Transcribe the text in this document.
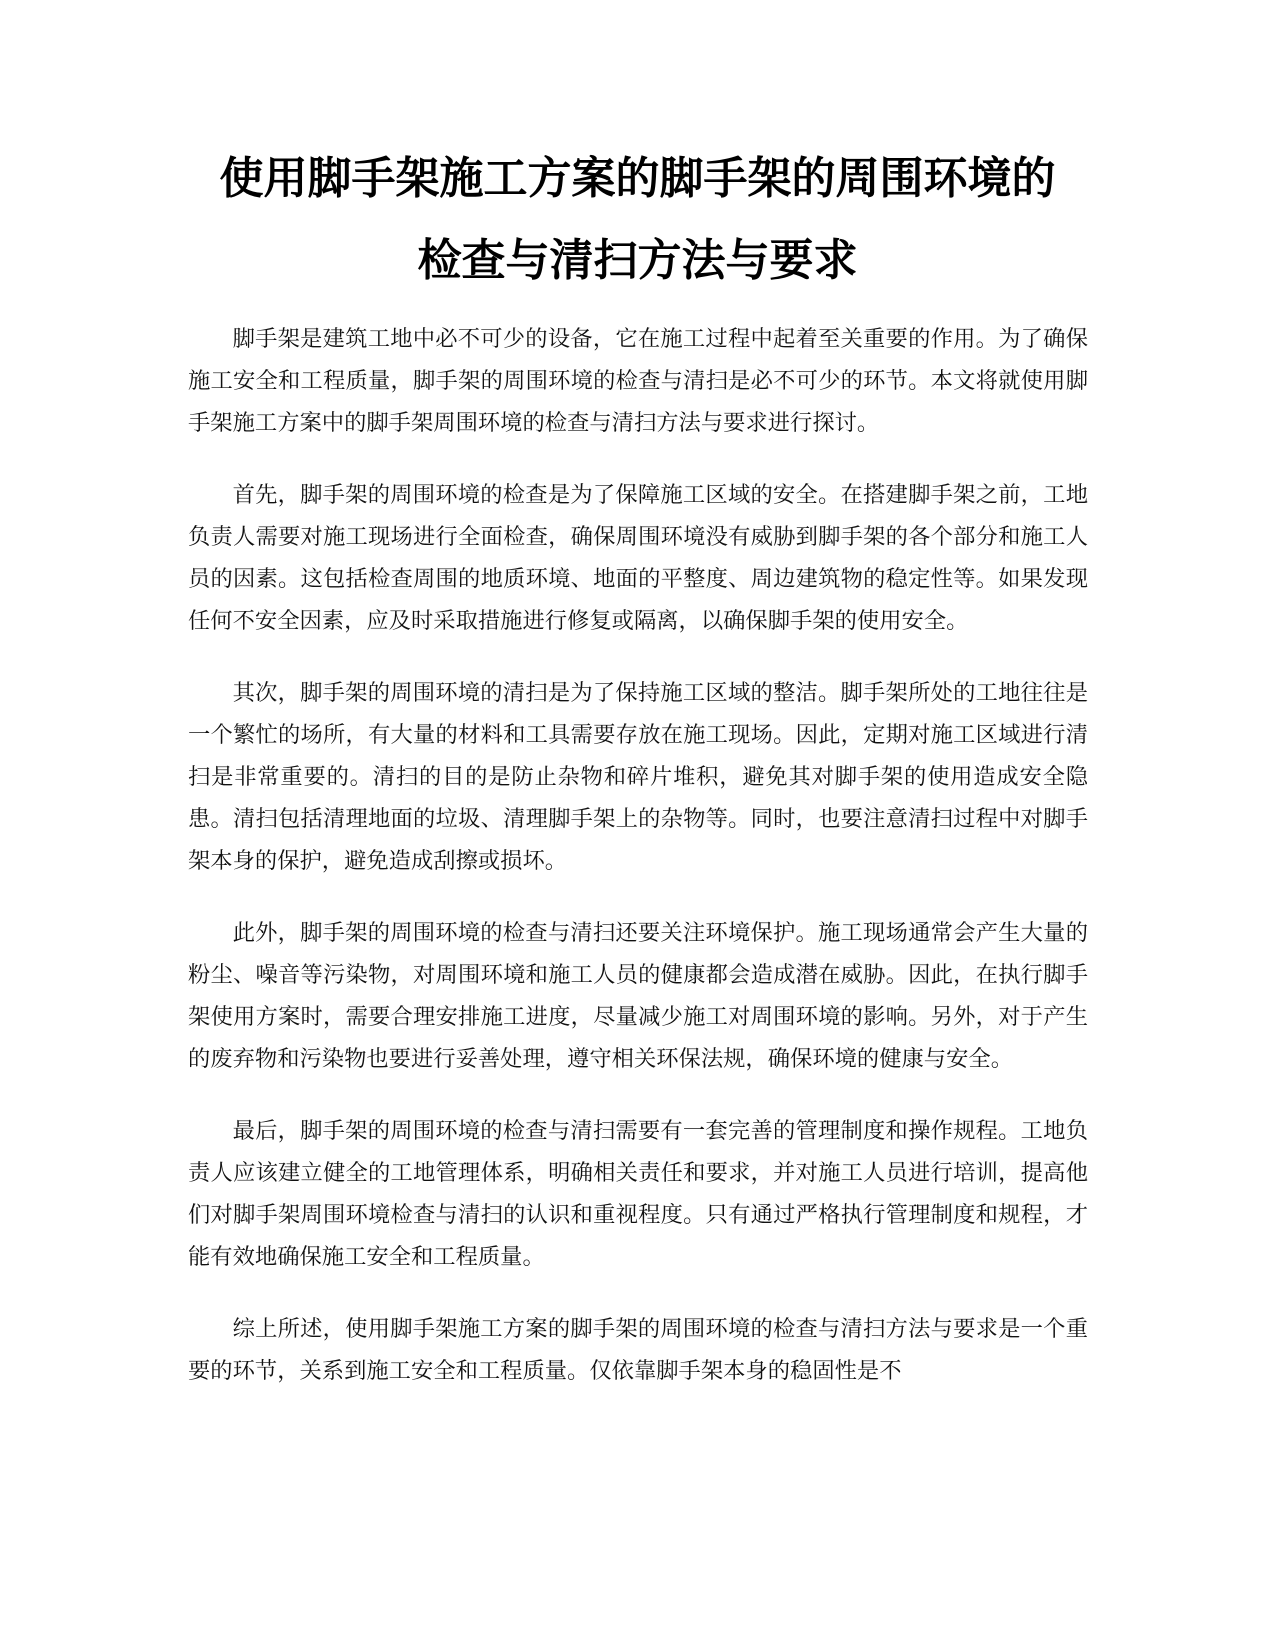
使用脚手架施工方案的脚手架的周围环境的
检查与清扫方法与要求

脚手架是建筑工地中必不可少的设备，它在施工过程中起着至关重要的作用。为了确保施工安全和工程质量，脚手架的周围环境的检查与清扫是必不可少的环节。本文将就使用脚手架施工方案中的脚手架周围环境的检查与清扫方法与要求进行探讨。

首先，脚手架的周围环境的检查是为了保障施工区域的安全。在搭建脚手架之前，工地负责人需要对施工现场进行全面检查，确保周围环境没有威胁到脚手架的各个部分和施工人员的因素。这包括检查周围的地质环境、地面的平整度、周边建筑物的稳定性等。如果发现任何不安全因素，应及时采取措施进行修复或隔离，以确保脚手架的使用安全。

其次，脚手架的周围环境的清扫是为了保持施工区域的整洁。脚手架所处的工地往往是一个繁忙的场所，有大量的材料和工具需要存放在施工现场。因此，定期对施工区域进行清扫是非常重要的。清扫的目的是防止杂物和碎片堆积，避免其对脚手架的使用造成安全隐患。清扫包括清理地面的垃圾、清理脚手架上的杂物等。同时，也要注意清扫过程中对脚手架本身的保护，避免造成刮擦或损坏。

此外，脚手架的周围环境的检查与清扫还要关注环境保护。施工现场通常会产生大量的粉尘、噪音等污染物，对周围环境和施工人员的健康都会造成潜在威胁。因此，在执行脚手架使用方案时，需要合理安排施工进度，尽量减少施工对周围环境的影响。另外，对于产生的废弃物和污染物也要进行妥善处理，遵守相关环保法规，确保环境的健康与安全。

最后，脚手架的周围环境的检查与清扫需要有一套完善的管理制度和操作规程。工地负责人应该建立健全的工地管理体系，明确相关责任和要求，并对施工人员进行培训，提高他们对脚手架周围环境检查与清扫的认识和重视程度。只有通过严格执行管理制度和规程，才能有效地确保施工安全和工程质量。

综上所述，使用脚手架施工方案的脚手架的周围环境的检查与清扫方法与要求是一个重要的环节，关系到施工安全和工程质量。仅依靠脚手架本身的稳固性是不
